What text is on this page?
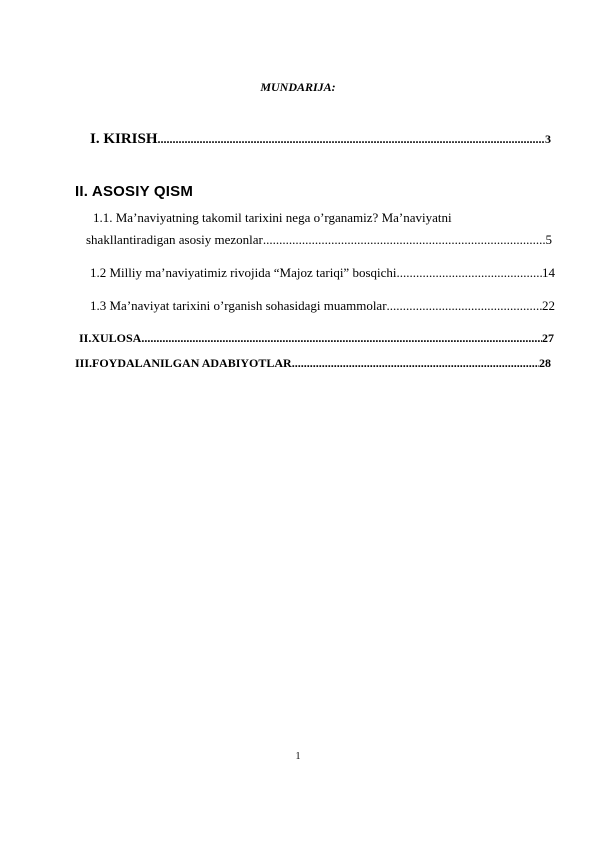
MUNDARIJA:
I. KIRISH .....	3
II. ASOSIY QISM
1.1. Ma’naviyatning takomil tarixini nega o’rganamiz? Ma’naviyatni
shakllantiradigan asosiy mezonlar .....	5
1.2 Milliy ma’naviyatimiz rivojida “Majoz tariqi” bosqichi .....	14
1.3 Ma’naviyat tarixini o’rganish sohasidagi muammolar .....	22
II.XULOSA .....	27
III. FOYDALANILGAN ADABIYOTLAR .....	28
1
